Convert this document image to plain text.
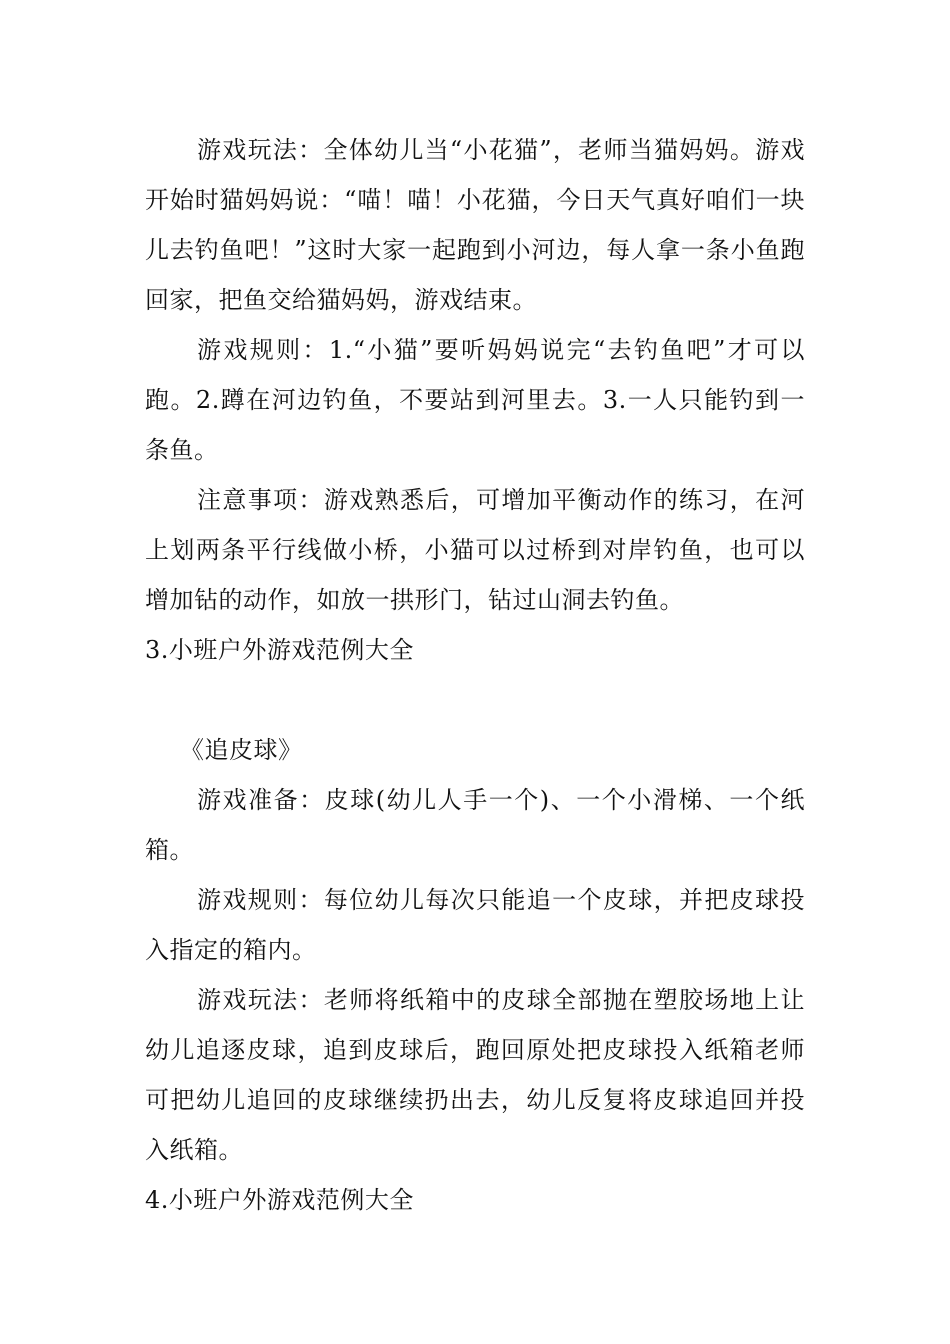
游戏玩法：全体幼儿当“小花猫”，老师当猫妈妈。游戏开始时猫妈妈说：“喵！喵！小花猫，今日天气真好咱们一块儿去钓鱼吧！”这时大家一起跑到小河边，每人拿一条小鱼跑回家，把鱼交给猫妈妈，游戏结束。

游戏规则：1.“小猫”要听妈妈说完“去钓鱼吧”才可以跑。2.蹲在河边钓鱼，不要站到河里去。3.一人只能钓到一条鱼。

注意事项：游戏熟悉后，可增加平衡动作的练习，在河上划两条平行线做小桥，小猫可以过桥到对岸钓鱼，也可以增加钻的动作，如放一拱形门，钻过山洞去钓鱼。

3.小班户外游戏范例大全

《追皮球》

游戏准备：皮球(幼儿人手一个)、一个小滑梯、一个纸箱。

游戏规则：每位幼儿每次只能追一个皮球，并把皮球投入指定的箱内。

游戏玩法：老师将纸箱中的皮球全部抛在塑胶场地上让幼儿追逐皮球，追到皮球后，跑回原处把皮球投入纸箱老师可把幼儿追回的皮球继续扔出去，幼儿反复将皮球追回并投入纸箱。

4.小班户外游戏范例大全
